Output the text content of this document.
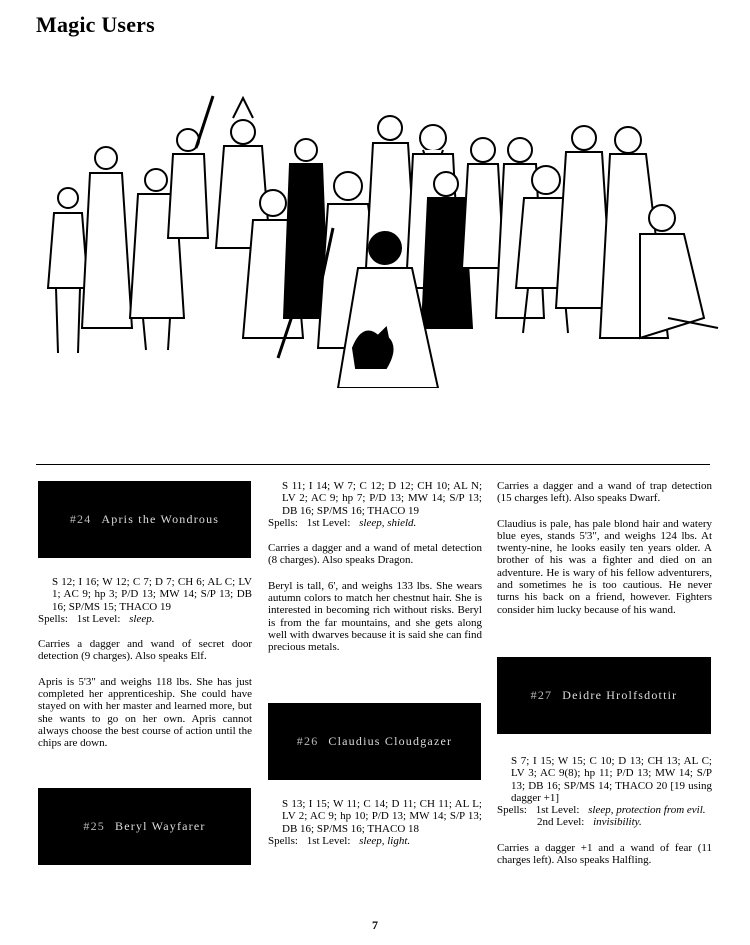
Magic Users
#24 Apris the Wondrous

S 12; I 16; W 12; C 7; D 7; CH 6; AL C; LV 1; AC 9; hp 3; P/D 13; MW 14; S/P 13; DB 16; SP/MS 15; THACO 19

Spells: 1st Level: sleep.

Carries a dagger and wand of secret door detection (9 charges). Also speaks Elf.

Apris is 5'3" and weighs 118 lbs. She has just completed her apprenticeship. She could have stayed on with her master and learned more, but she wants to go on her own. Apris cannot always choose the best course of action until the chips are down.

#25 Beryl Wayfarer

S 11; I 14; W 7; C 12; D 12; CH 10; AL N; LV 2; AC 9; hp 7; P/D 13; MW 14; S/P 13; DB 16; SP/MS 16; THACO 19

Spells: 1st Level: sleep, shield.

Carries a dagger and a wand of metal detection (8 charges). Also speaks Dragon.

Beryl is tall, 6', and weighs 133 lbs. She wears autumn colors to match her chestnut hair. She is interested in becoming rich without risks. Beryl is from the far mountains, and she gets along well with dwarves because it is said she can find precious metals.

#26 Claudius Cloudgazer

S 13; I 15; W 11; C 14; D 11; CH 11; AL L; LV 2; AC 9; hp 10; P/D 13; MW 14; S/P 13; DB 16; SP/MS 16; THACO 18

Spells: 1st Level: sleep, light.

Carries a dagger and a wand of trap detection (15 charges left). Also speaks Dwarf.

Claudius is pale, has pale blond hair and watery blue eyes, stands 5'3", and weighs 124 lbs. At twenty-nine, he looks easily ten years older. A brother of his was a fighter and died on an adventure. He is wary of his fellow adventurers, and sometimes he is too cautious. He never turns his back on a friend, however. Fighters consider him lucky because of his wand.

#27 Deidre Hrolfsdottir

S 7; I 15; W 15; C 10; D 13; CH 13; AL C; LV 3; AC 9(8); hp 11; P/D 13; MW 14; S/P 13; DB 16; SP/MS 14; THACO 20 [19 using dagger +1]

Spells: 1st Level: sleep, protection from evil.

2nd Level: invisibility.

Carries a dagger +1 and a wand of fear (11 charges left). Also speaks Halfling.

7
